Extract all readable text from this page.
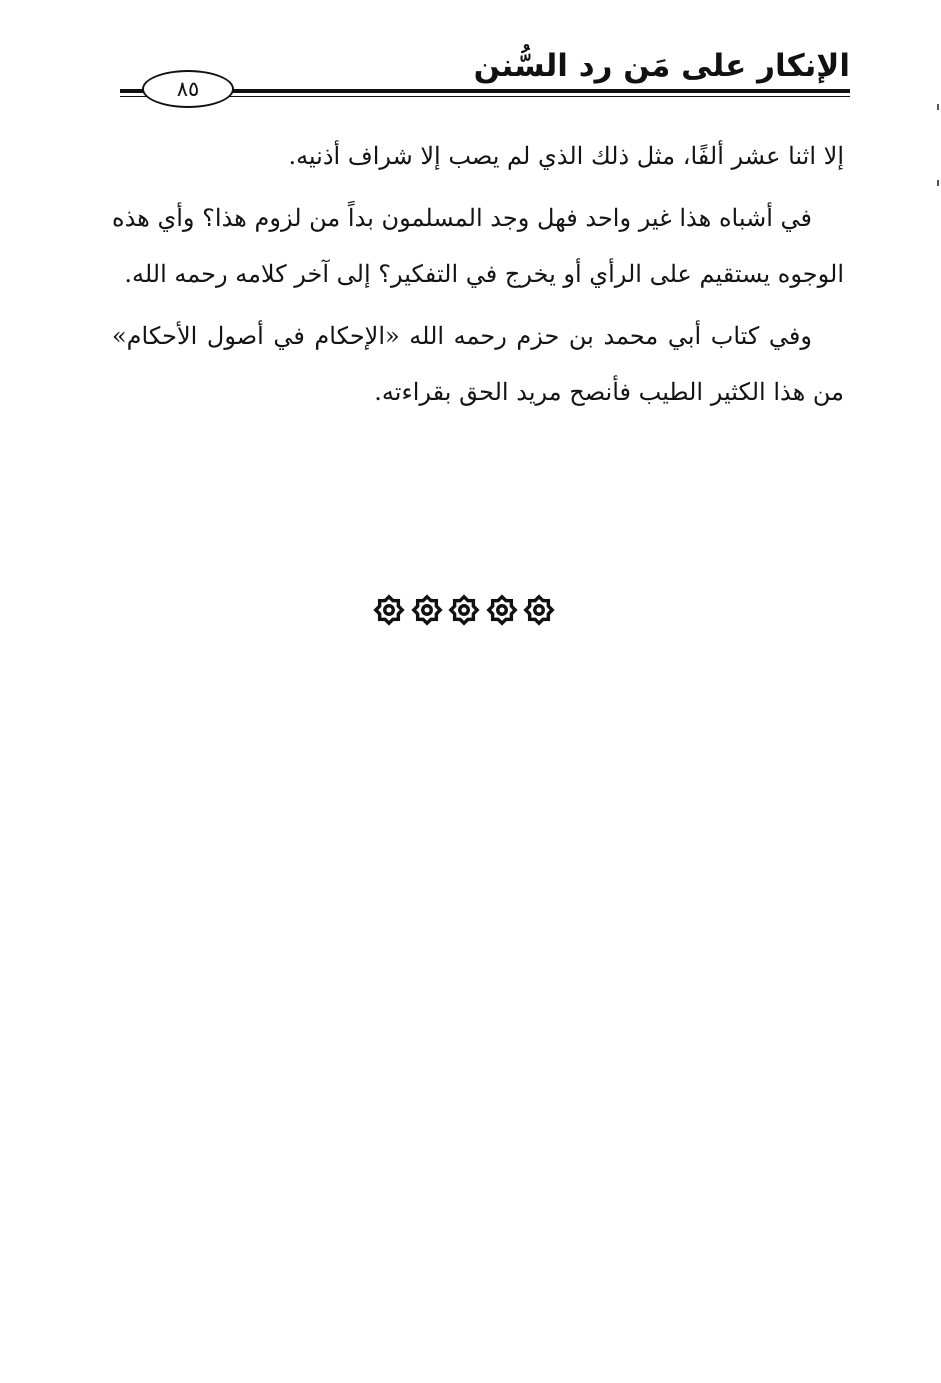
الإنكار على مَن رد السُّنن
٨٥

إلا اثنا عشر ألفًا، مثل ذلك الذي لم يصب إلا شراف أذنيه.

في أشباه هذا غير واحد فهل وجد المسلمون بداً من لزوم هذا؟ وأي هذه الوجوه يستقيم على الرأي أو يخرج في التفكير؟ إلى آخر كلامه رحمه الله.

وفي كتاب أبي محمد بن حزم رحمه الله «الإحكام في أصول الأحكام» من هذا الكثير الطيب فأنصح مريد الحق بقراءته.
